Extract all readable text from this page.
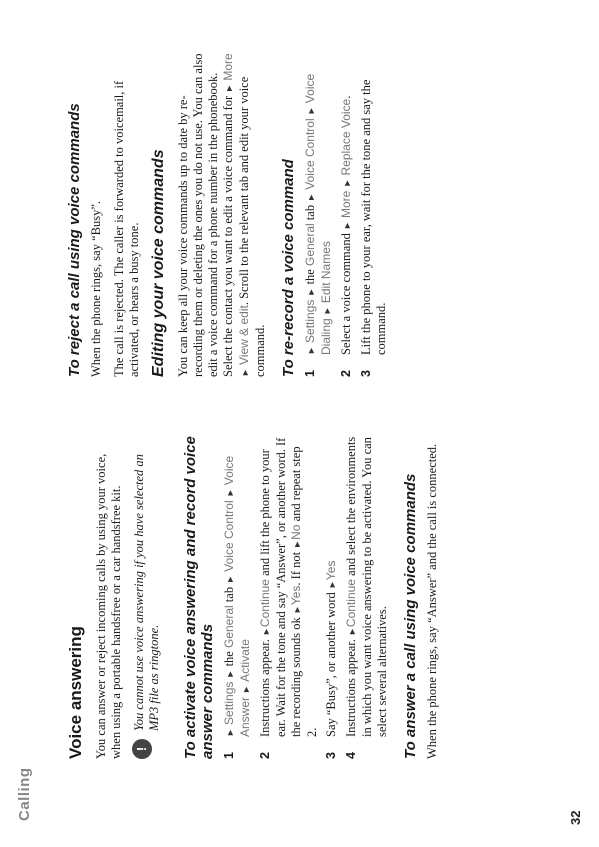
Calling	32
Voice answering You can answer or reject incoming calls by using your voice, when using a portable handsfree or a car handsfree kit. !

You cannot use voice answering if you have selected an MP3 file as ringtone. To activate voice answering and record voice answer commands 1
► Settings ► the General tab ► Voice Control ► Voice Answer ► Activate
2
Instructions appear. ►Continue and lift the phone to your ear. Wait for the tone and say “Answer”, or another word. If the recording sounds ok ►Yes. If not ►No and repeat step 2.
3
Say “Busy”, or another word ►Yes
4
Instructions appear. ►Continue and select the environments in which you want voice answering to be activated. You can select several alternatives. To answer a call using voice commands When the phone rings, say “Answer” and the call is connected.

To reject a call using voice commands When the phone rings, say “Busy”. The call is rejected. The caller is forwarded to voicemail, if activated, or hears a busy tone. Editing your voice commands You can keep all your voice commands up to date by re-recording them or deleting the ones you do not use. You can also edit a voice command for a phone number in the phonebook. Select the contact you want to edit a voice command for ► More ► View & edit. Scroll to the relevant tab and edit your voice command. To re-record a voice command 1
► Settings ► the General tab ► Voice Control ► Voice Dialing ► Edit Names
2
Select a voice command ► More ► Replace Voice.
3
Lift the phone to your ear, wait for the tone and say the command.
